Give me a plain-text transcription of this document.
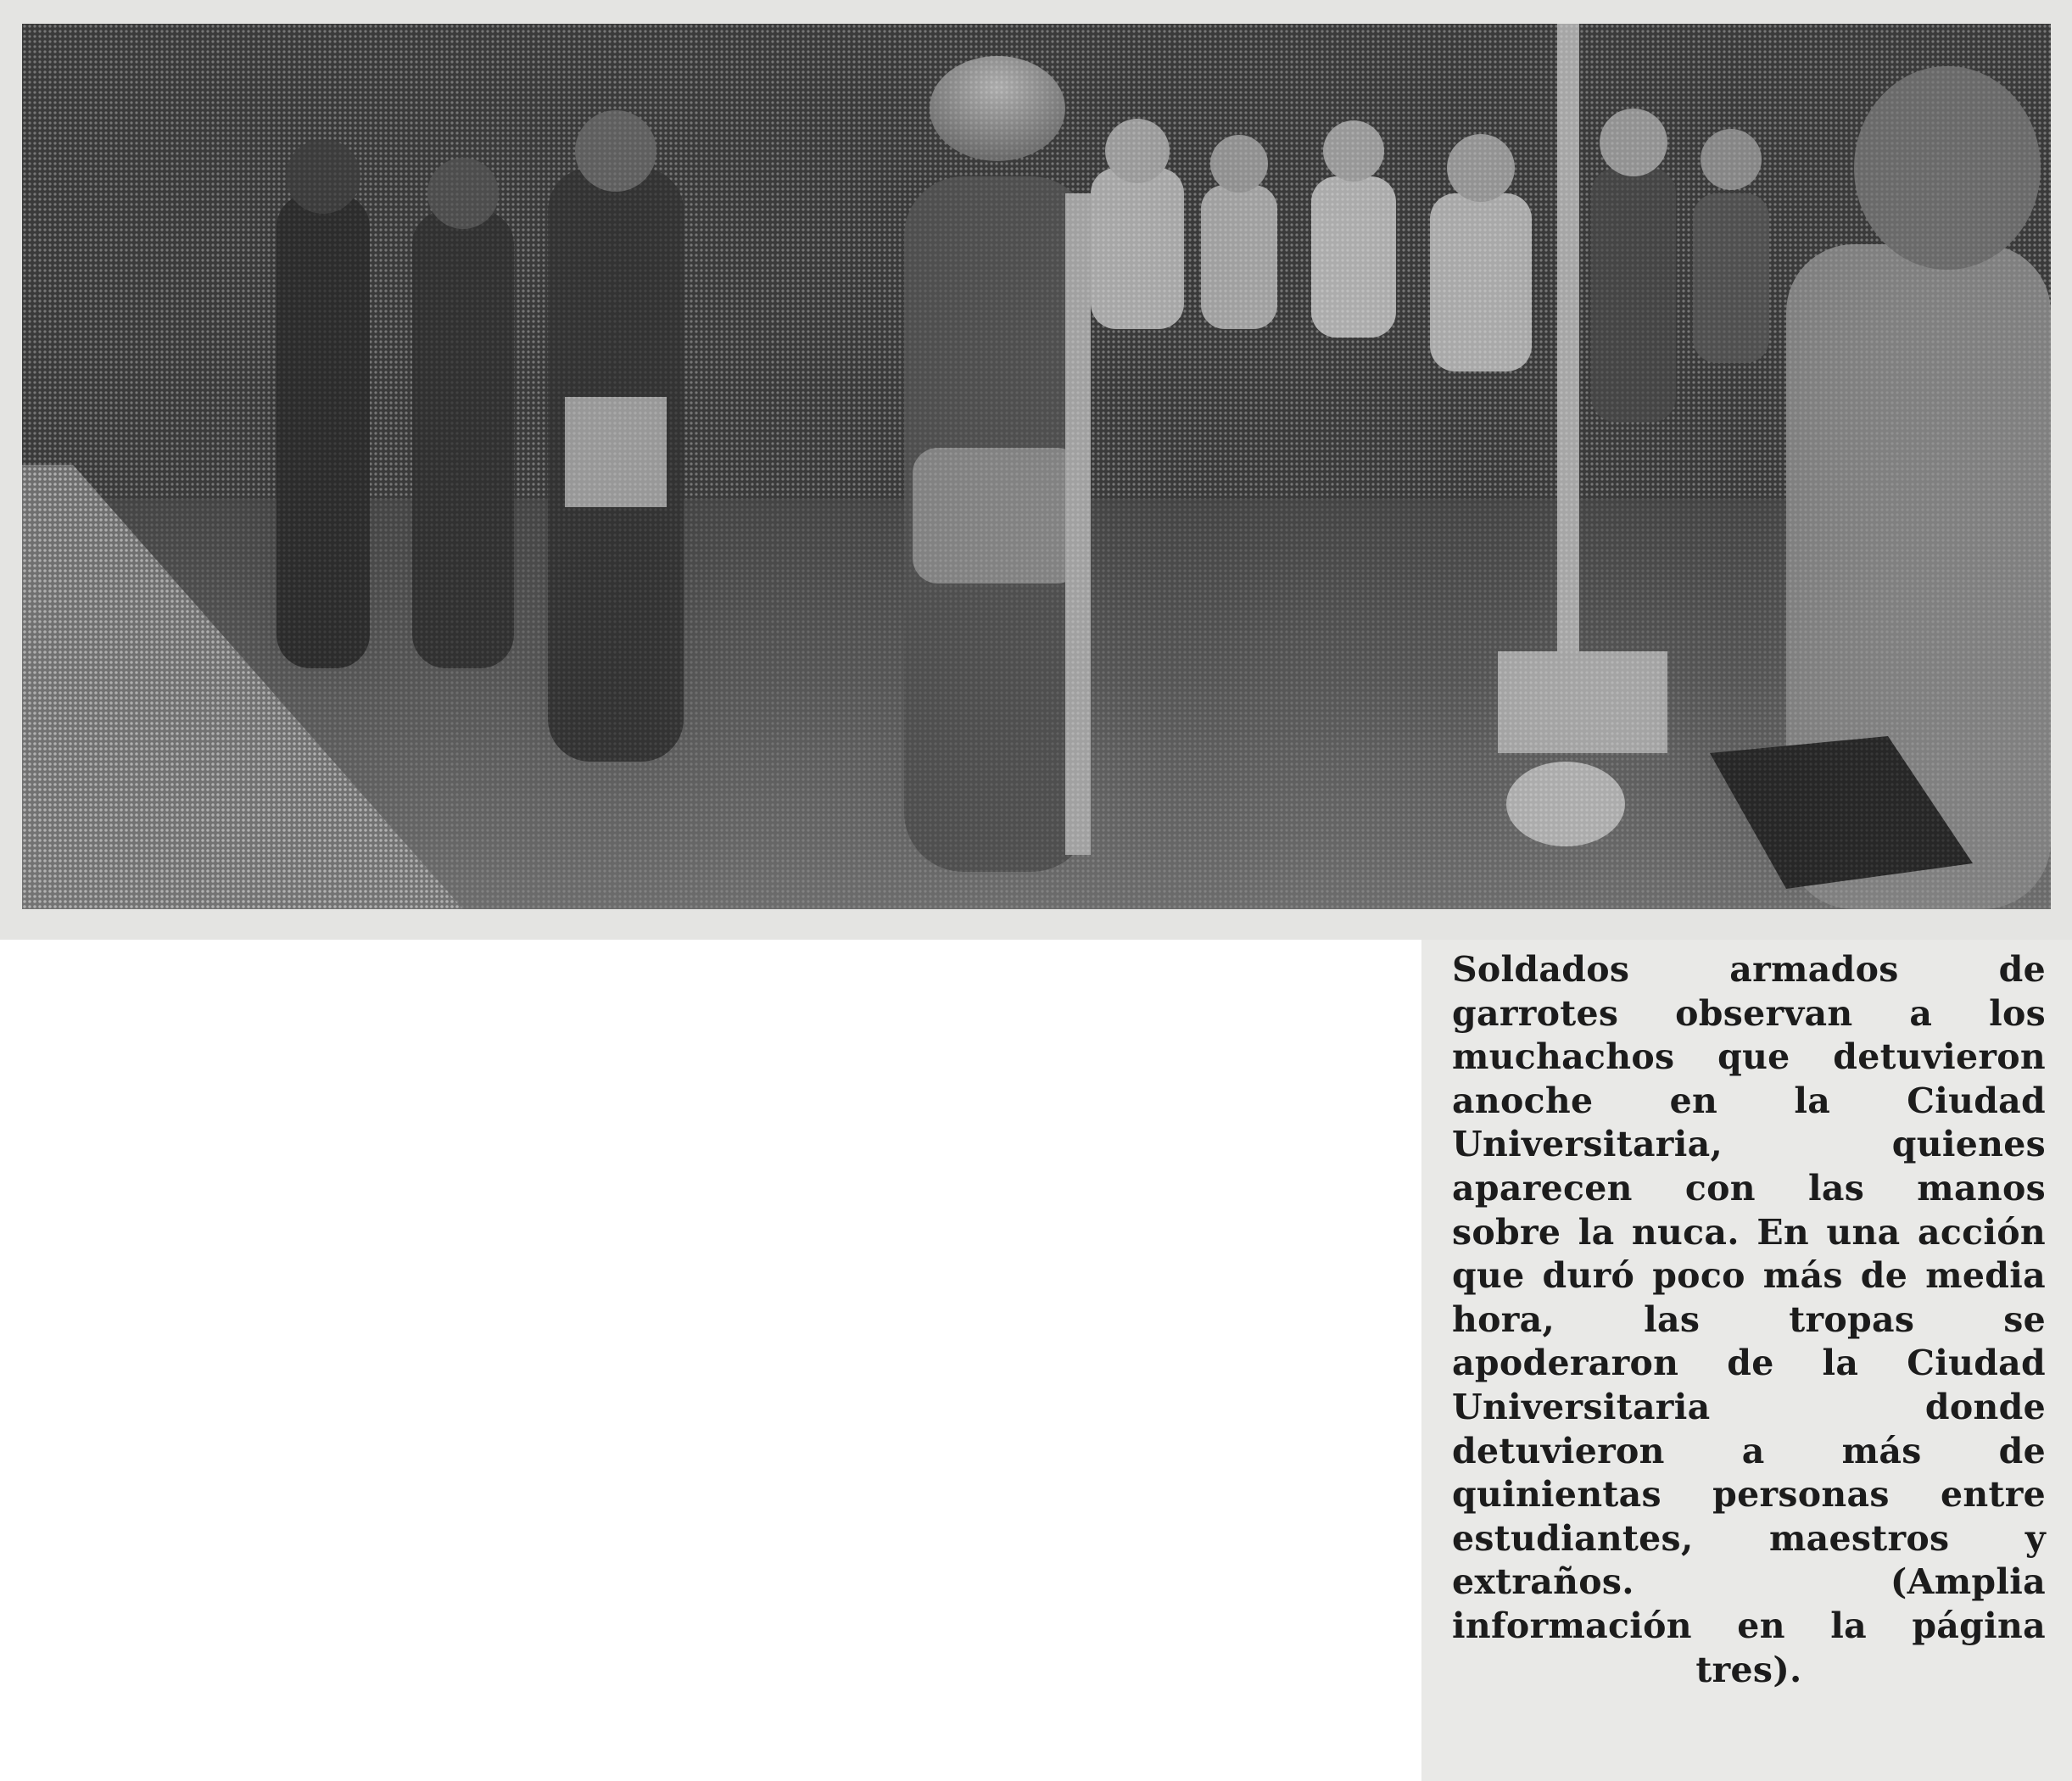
Soldados armados de garrotes observan a los muchachos que detuvieron anoche en la Ciudad Universitaria, quienes aparecen con las manos sobre la nuca. En una acción que duró poco más de media hora, las tropas se apoderaron de la Ciudad Universitaria donde detuvieron a más de quinientas personas entre estudiantes, maestros y extraños. (Amplia información en la página tres).
